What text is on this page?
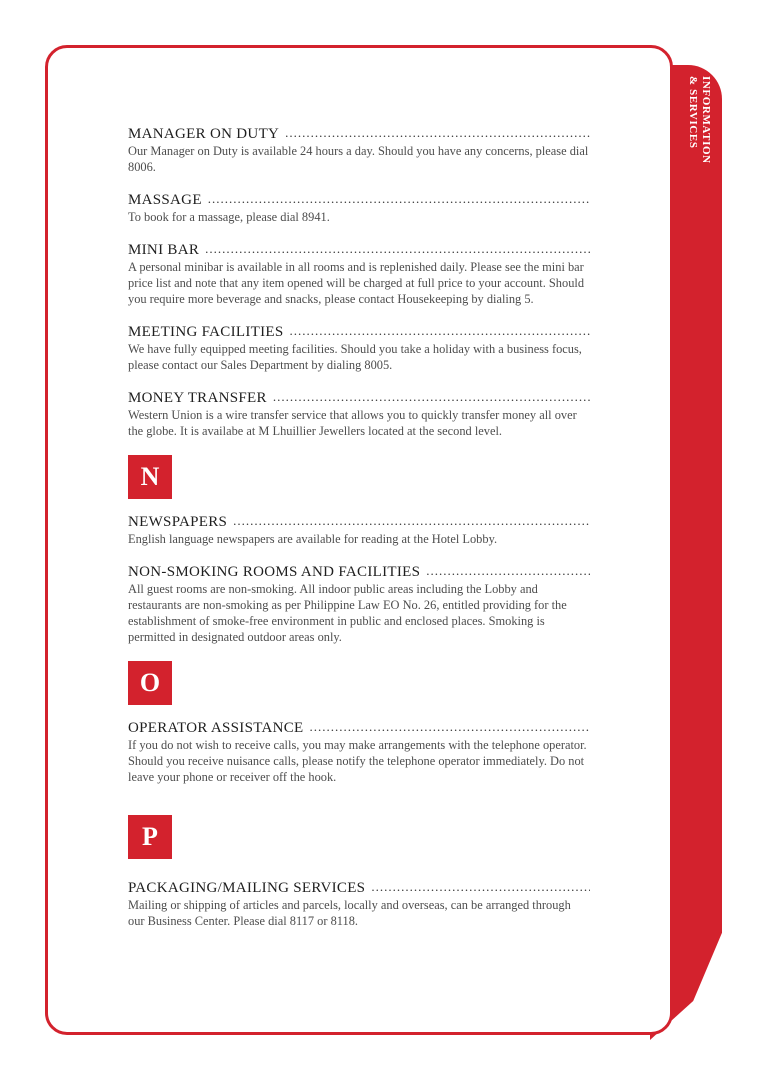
INFORMATION
& SERVICES
MANAGER ON DUTY
.....
Our Manager on Duty is available 24 hours a day. Should you have any concerns, please dial 8006.
MASSAGE
.....
To book for a massage, please dial 8941.
MINI BAR
.....
A personal minibar is available in all rooms and is replenished daily. Please see the mini bar price list and note that any item opened will be charged at full price to your account. Should you require more beverage and snacks, please contact Housekeeping by dialing 5.
MEETING FACILITIES
.....
We have fully equipped meeting facilities. Should you take a holiday with a business focus, please contact our Sales Department by dialing 8005.
MONEY TRANSFER
.....
Western Union is a wire transfer service that allows you to quickly transfer money all over the globe. It is availabe at M Lhuillier Jewellers located at the second level.
N
NEWSPAPERS
.....
English language newspapers are available for reading at the Hotel Lobby.
NON-SMOKING ROOMS AND FACILITIES
.....
All guest rooms are non-smoking. All indoor public areas including the Lobby and restaurants are non-smoking as per Philippine Law EO No. 26, entitled providing for the establishment of smoke-free environment in public and enclosed places. Smoking is permitted in designated outdoor areas only.
O
OPERATOR ASSISTANCE
.....
If you do not wish to receive calls, you may make arrangements with the telephone operator. Should you receive nuisance calls, please notify the telephone operator immediately. Do not leave your phone or receiver off the hook.
P
PACKAGING/MAILING SERVICES
.....
Mailing or shipping of articles and parcels, locally and overseas, can be arranged through our Business Center. Please dial 8117 or 8118.
